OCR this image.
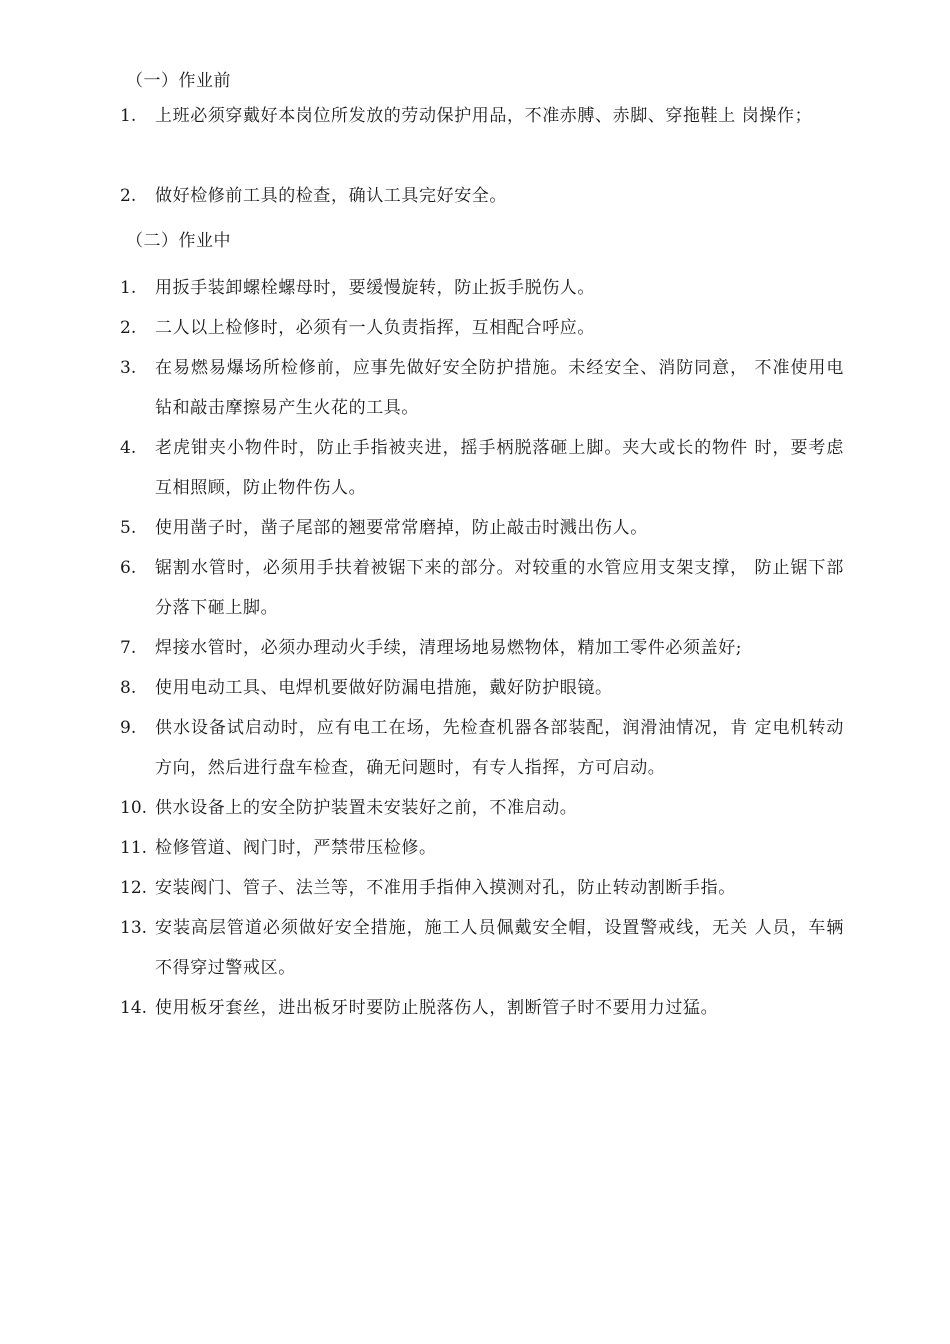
（一）作业前
1. 上班必须穿戴好本岗位所发放的劳动保护用品，不准赤膊、赤脚、穿拖鞋上 岗操作；
2. 做好检修前工具的检查，确认工具完好安全。
（二）作业中
1. 用扳手装卸螺栓螺母时，要缓慢旋转，防止扳手脱伤人。
2. 二人以上检修时，必须有一人负责指挥，互相配合呼应。
3. 在易燃易爆场所检修前，应事先做好安全防护措施。未经安全、消防同意， 不准使用电钻和敲击摩擦易产生火花的工具。
4. 老虎钳夹小物件时，防止手指被夹进，摇手柄脱落砸上脚。夹大或长的物件 时，要考虑互相照顾，防止物件伤人。
5. 使用凿子时，凿子尾部的翘要常常磨掉，防止敲击时溅出伤人。
6. 锯割水管时，必须用手扶着被锯下来的部分。对较重的水管应用支架支撑， 防止锯下部分落下砸上脚。
7. 焊接水管时，必须办理动火手续，清理场地易燃物体，精加工零件必须盖好;
8. 使用电动工具、电焊机要做好防漏电措施，戴好防护眼镜。
9. 供水设备试启动时，应有电工在场，先检查机器各部装配，润滑油情况，肯 定电机转动方向，然后进行盘车检查，确无问题时，有专人指挥，方可启动。
10. 供水设备上的安全防护装置未安装好之前，不准启动。
11. 检修管道、阀门时，严禁带压检修。
12. 安装阀门、管子、法兰等，不准用手指伸入摸测对孔，防止转动割断手指。
13. 安装高层管道必须做好安全措施，施工人员佩戴安全帽，设置警戒线，无关 人员，车辆不得穿过警戒区。
14. 使用板牙套丝，进出板牙时要防止脱落伤人，割断管子时不要用力过猛。
